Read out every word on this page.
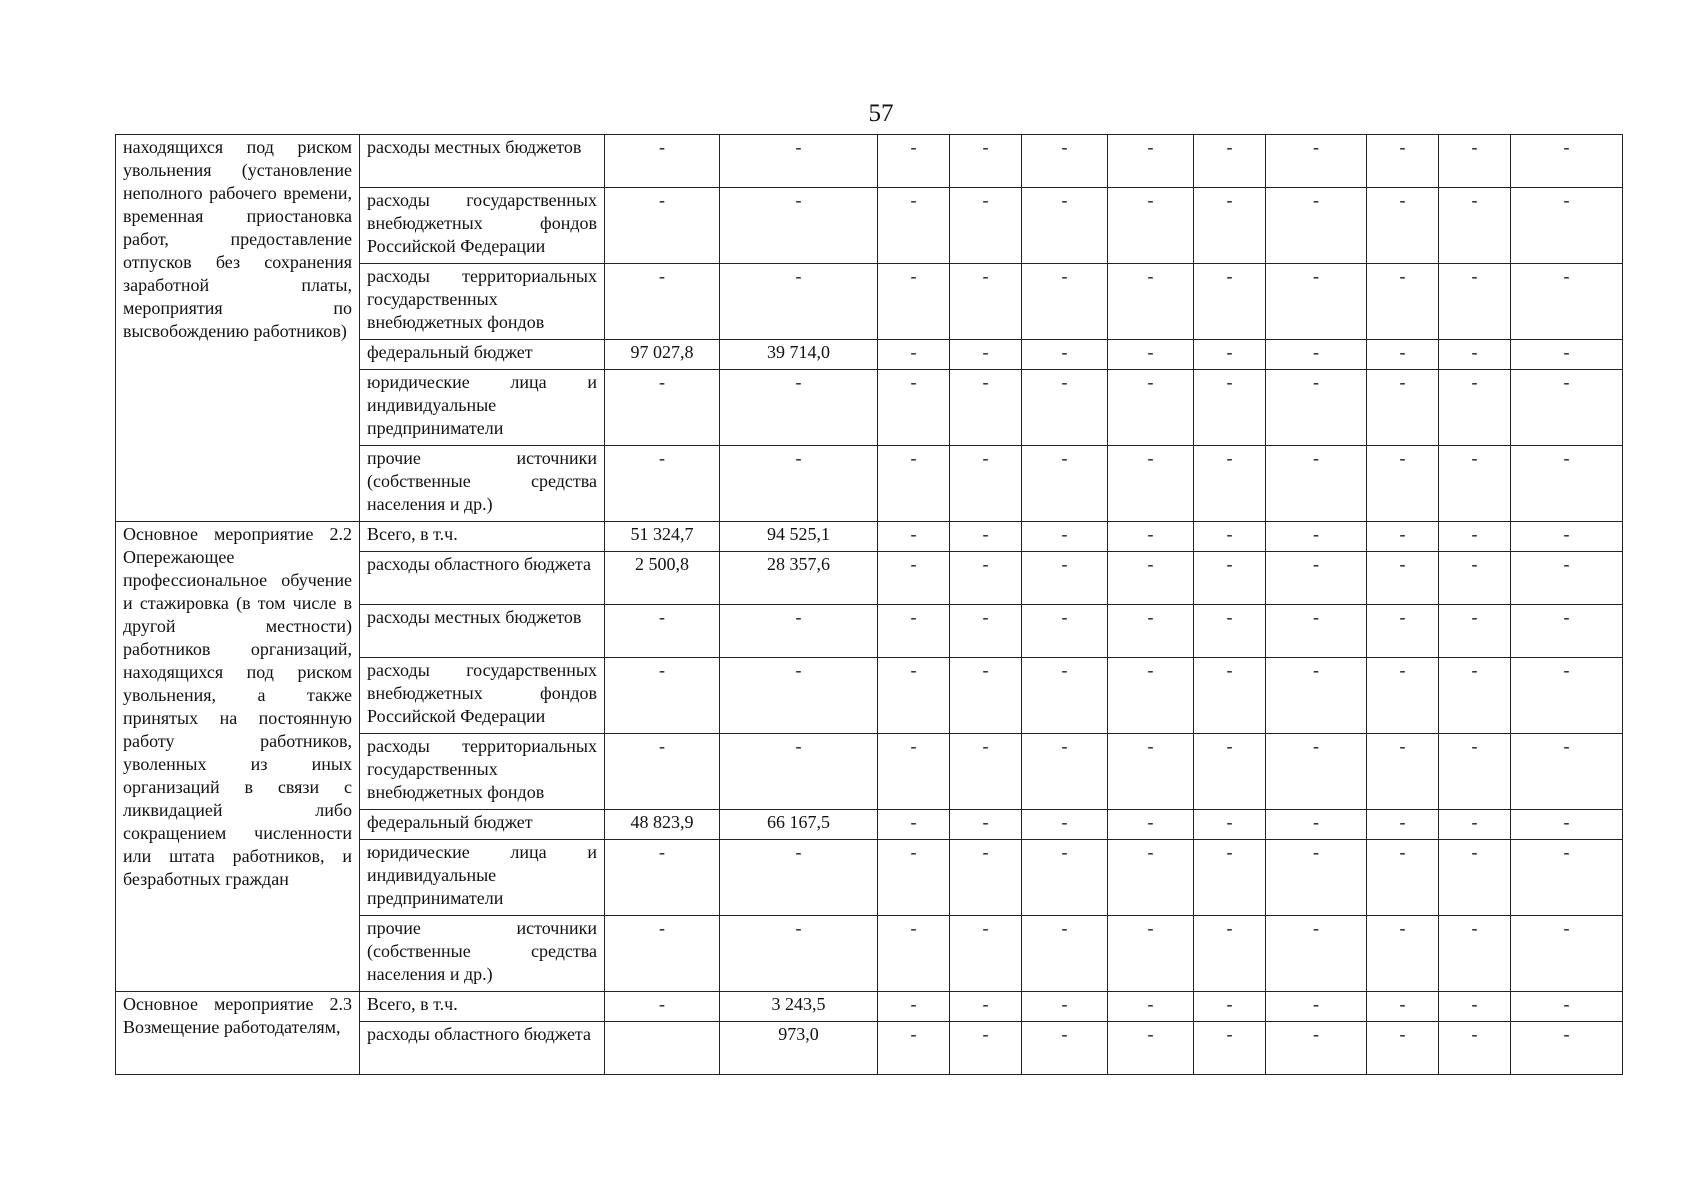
57
находящихся под риском увольнения (установление неполного рабочего времени, временная приостановка работ, предоставление отпусков без сохранения заработной платы, мероприятия по высвобождению работников)	расходы местных бюджетов	-	-	-	-	-	-	-	-	-	-	-
	расходы государственных внебюджетных фондов Российской Федерации	-	-	-	-	-	-	-	-	-	-	-
	расходы территориальных государственных внебюджетных фондов	-	-	-	-	-	-	-	-	-	-	-
	федеральный бюджет	97 027,8	39 714,0	-	-	-	-	-	-	-	-	-
	юридические лица и индивидуальные предприниматели	-	-	-	-	-	-	-	-	-	-	-
	прочие источники (собственные средства населения и др.)	-	-	-	-	-	-	-	-	-	-	-
Основное мероприятие 2.2 Опережающее профессиональное обучение и стажировка (в том числе в другой местности) работников организаций, находящихся под риском увольнения, а также принятых на постоянную работу работников, уволенных из иных организаций в связи с ликвидацией либо сокращением численности или штата работников, и безработных граждан	Всего, в т.ч.	51 324,7	94 525,1	-	-	-	-	-	-	-	-	-
	расходы областного бюджета	2 500,8	28 357,6	-	-	-	-	-	-	-	-	-
	расходы местных бюджетов	-	-	-	-	-	-	-	-	-	-	-
	расходы государственных внебюджетных фондов Российской Федерации	-	-	-	-	-	-	-	-	-	-	-
	расходы территориальных государственных внебюджетных фондов	-	-	-	-	-	-	-	-	-	-	-
	федеральный бюджет	48 823,9	66 167,5	-	-	-	-	-	-	-	-	-
	юридические лица и индивидуальные предприниматели	-	-	-	-	-	-	-	-	-	-	-
	прочие источники (собственные средства населения и др.)	-	-	-	-	-	-	-	-	-	-	-
Основное мероприятие 2.3 Возмещение работодателям,	Всего, в т.ч.	-	3 243,5	-	-	-	-	-	-	-	-	-
	расходы областного бюджета		973,0	-	-	-	-	-	-	-	-	-
